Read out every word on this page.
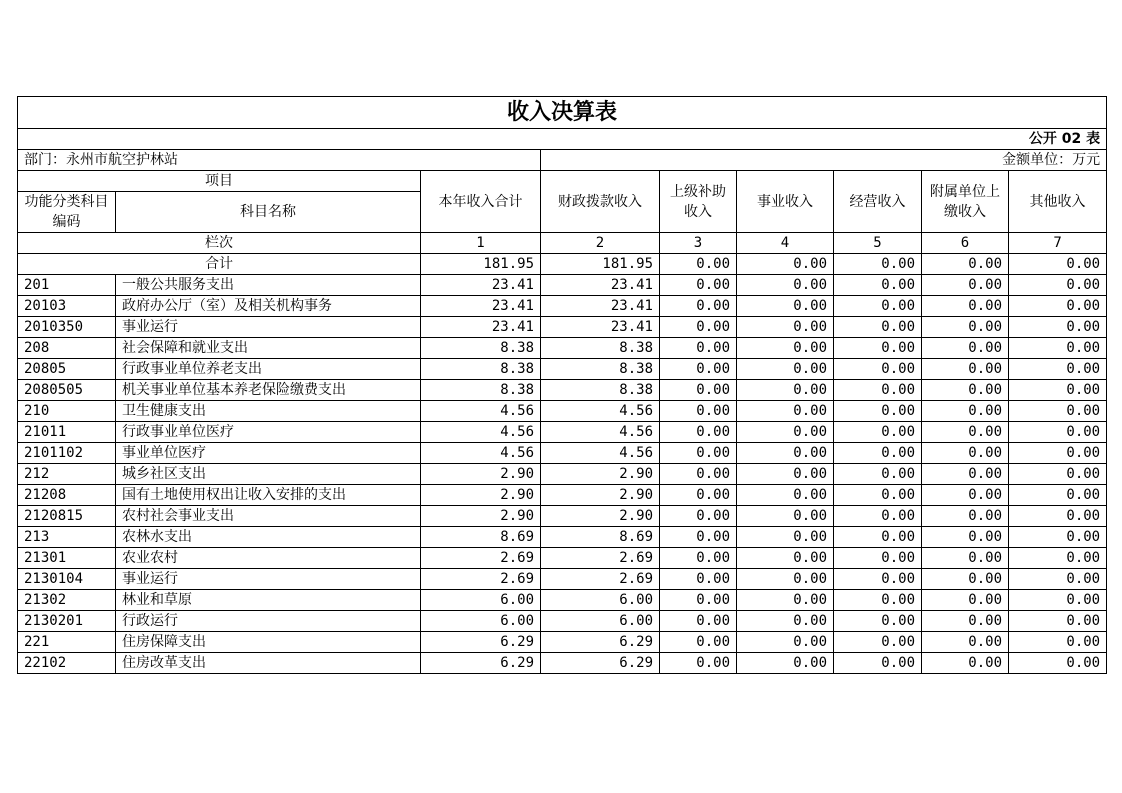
收入决算表								
公开 02 表								
部门：永州市航空护林站			金额单位：万元					
项目		本年收入合计	财政拨款收入	上级补助收入	事业收入	经营收入	附属单位上缴收入	其他收入
功能分类科目编码	科目名称							
栏次		1	2	3	4	5	6	7
合计		181.95	181.95	0.00	0.00	0.00	0.00	0.00
201	一般公共服务支出	23.41	23.41	0.00	0.00	0.00	0.00	0.00
20103	政府办公厅（室）及相关机构事务	23.41	23.41	0.00	0.00	0.00	0.00	0.00
2010350	事业运行	23.41	23.41	0.00	0.00	0.00	0.00	0.00
208	社会保障和就业支出	8.38	8.38	0.00	0.00	0.00	0.00	0.00
20805	行政事业单位养老支出	8.38	8.38	0.00	0.00	0.00	0.00	0.00
2080505	机关事业单位基本养老保险缴费支出	8.38	8.38	0.00	0.00	0.00	0.00	0.00
210	卫生健康支出	4.56	4.56	0.00	0.00	0.00	0.00	0.00
21011	行政事业单位医疗	4.56	4.56	0.00	0.00	0.00	0.00	0.00
2101102	事业单位医疗	4.56	4.56	0.00	0.00	0.00	0.00	0.00
212	城乡社区支出	2.90	2.90	0.00	0.00	0.00	0.00	0.00
21208	国有土地使用权出让收入安排的支出	2.90	2.90	0.00	0.00	0.00	0.00	0.00
2120815	农村社会事业支出	2.90	2.90	0.00	0.00	0.00	0.00	0.00
213	农林水支出	8.69	8.69	0.00	0.00	0.00	0.00	0.00
21301	农业农村	2.69	2.69	0.00	0.00	0.00	0.00	0.00
2130104	事业运行	2.69	2.69	0.00	0.00	0.00	0.00	0.00
21302	林业和草原	6.00	6.00	0.00	0.00	0.00	0.00	0.00
2130201	行政运行	6.00	6.00	0.00	0.00	0.00	0.00	0.00
221	住房保障支出	6.29	6.29	0.00	0.00	0.00	0.00	0.00
22102	住房改革支出	6.29	6.29	0.00	0.00	0.00	0.00	0.00
